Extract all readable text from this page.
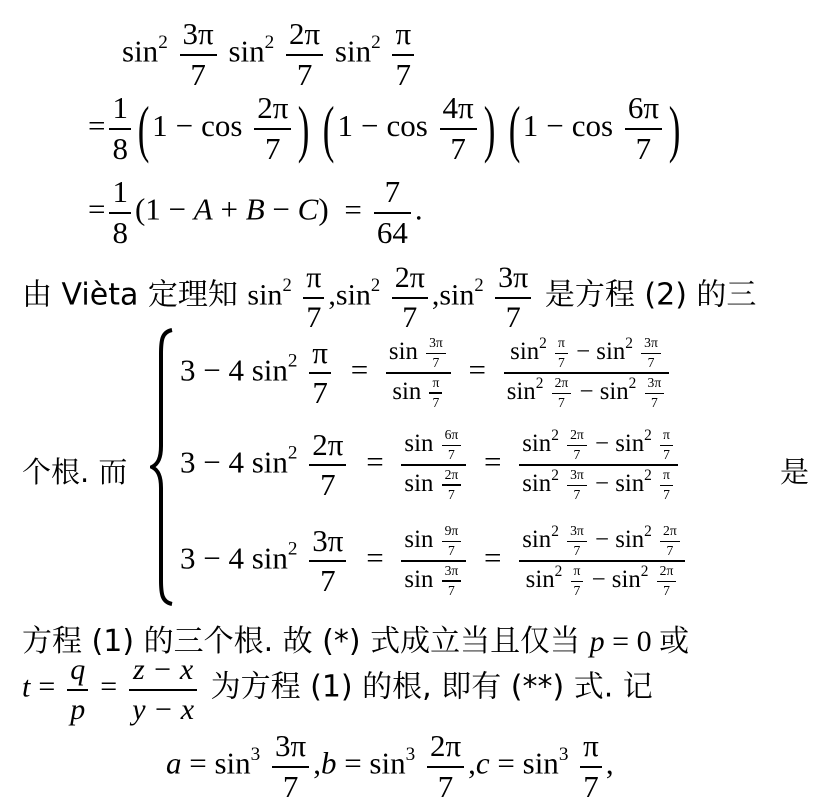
$\sin^2 \frac{3\pi}{7} \sin^2 \frac{2\pi}{7} \sin^2 \frac{\pi}{7}$
= $\frac{1}{8} (1 - \cos \frac{2\pi}{7}$ ) ($1 - \cos \frac{4\pi}{7}$ ) ($1 - \cos \frac{6\pi}{7}$ )
= $\frac{1}{8} (1 - A + B - C) = \frac{7}{64}$ .
由 Vièta 定理知 $\sin^2 \frac{\pi}{7} ,\sin^2 \frac{2\pi}{7} ,\sin^2 \frac{3\pi}{7}$ 是方程 (2) 的三
个根. 而	是
3 − 4 $\sin^2 \frac{\pi}{7} = \frac{\sin \frac{3\pi}{7}}{\sin \frac{\pi}{7}} = \frac{\sin^2 \frac{\pi}{7} - \sin^2 \frac{3\pi}{7}}{\sin^2 \frac{2\pi}{7} - \sin^2 \frac{3\pi}{7}}$
3 − 4 $\sin^2 \frac{2\pi}{7} = \frac{\sin \frac{6\pi}{7}}{\sin \frac{2\pi}{7}} = \frac{\sin^2 \frac{2\pi}{7} - \sin^2 \frac{\pi}{7}}{\sin^2 \frac{3\pi}{7} - \sin^2 \frac{\pi}{7}}$
3 − 4 $\sin^2 \frac{3\pi}{7} = \frac{\sin \frac{9\pi}{7}}{\sin \frac{3\pi}{7}} = \frac{\sin^2 \frac{3\pi}{7} - \sin^2 \frac{2\pi}{7}}{\sin^2 \frac{\pi}{7} - \sin^2 \frac{2\pi}{7}}$
方程 (1) 的三个根. 故 (*) 式成立当且仅当 p = 0 或
$t = \frac{q}{p} = \frac{z - x}{y - x}$ 为方程 (1) 的根, 即有 (**) 式. 记
$a = \sin^3 \frac{3\pi}{7} ,b = \sin^3 \frac{2\pi}{7} ,c = \sin^3 \frac{\pi}{7}$ ,
